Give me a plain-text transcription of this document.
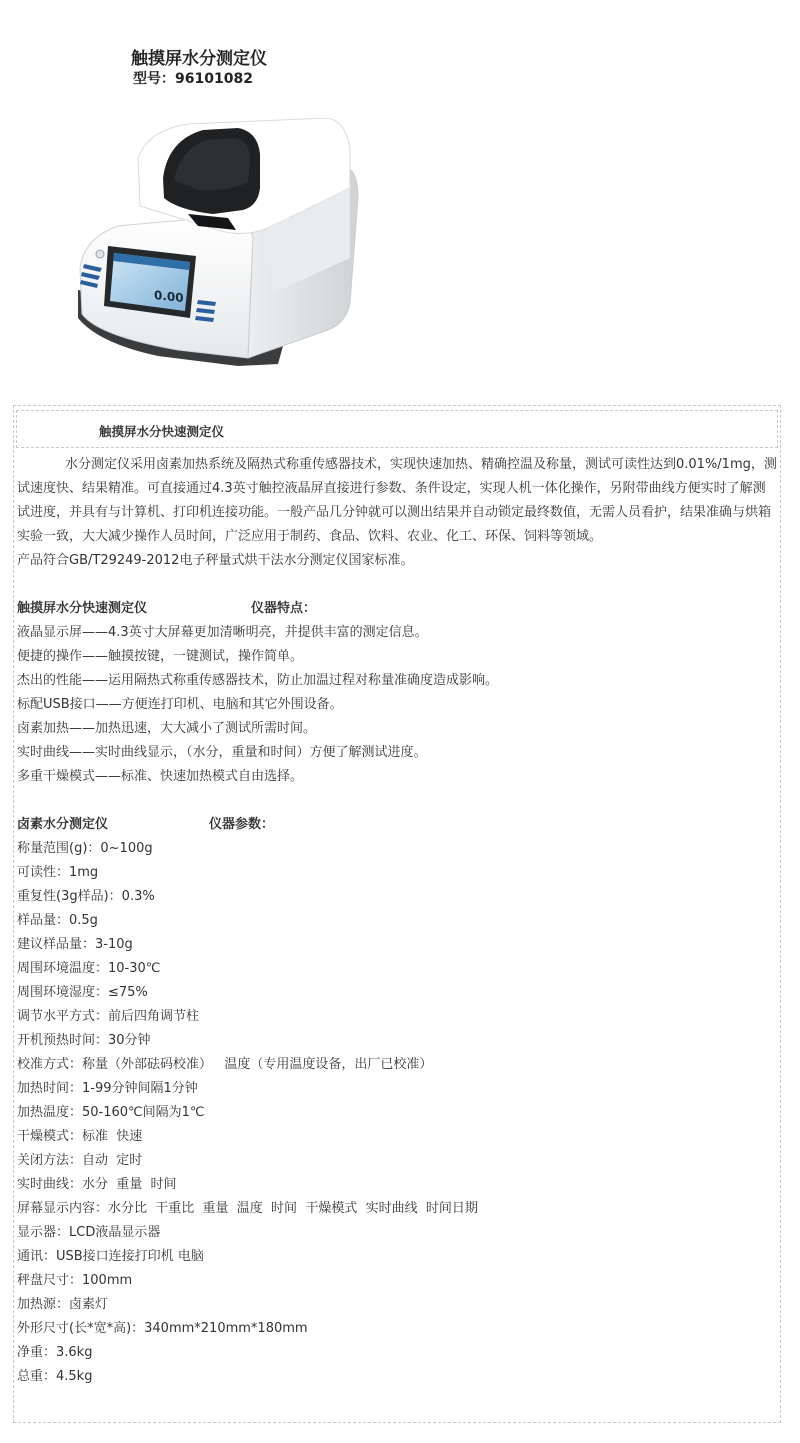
触摸屏水分测定仪
型号：96101082
0.00
触摸屏水分快速测定仪

水分测定仪采用卤素加热系统及隔热式称重传感器技术，实现快速加热、精确控温及称量，测试可读性达到0.01%/1mg，测试速度快、结果精准。可直接通过4.3英寸触控液晶屏直接进行参数、条件设定，实现人机一体化操作，另附带曲线方便实时了解测试进度，并具有与计算机、打印机连接功能。一般产品几分钟就可以测出结果并自动锁定最终数值，无需人员看护，结果准确与烘箱实验一致，大大减少操作人员时间，广泛应用于制药、食品、饮料、农业、化工、环保、饲料等领域。

产品符合GB/T29249-2012电子秤量式烘干法水分测定仪国家标准。

触摸屏水分快速测定仪	仪器特点：

液晶显示屏——4.3英寸大屏幕更加清晰明亮，并提供丰富的测定信息。

便捷的操作——触摸按键，一键测试，操作简单。

杰出的性能——运用隔热式称重传感器技术，防止加温过程对称量准确度造成影响。

标配USB接口——方便连打印机、电脑和其它外围设备。

卤素加热——加热迅速，大大减小了测试所需时间。

实时曲线——实时曲线显示，（水分，重量和时间）方便了解测试进度。

多重干燥模式——标准、快速加热模式自由选择。

卤素水分测定仪	仪器参数：

称量范围(g)：0~100g

可读性：1mg

重复性(3g样品)：0.3%

样品量：0.5g

建议样品量：3-10g

周围环境温度：10-30℃

周围环境湿度：≤75%

调节水平方式：前后四角调节柱

开机预热时间：30分钟

校准方式：称量（外部砝码校准）   温度（专用温度设备，出厂已校准）

加热时间：1-99分钟间隔1分钟

加热温度：50-160℃间隔为1℃

干燥模式：标准  快速

关闭方法：自动  定时

实时曲线：水分  重量  时间

屏幕显示内容：水分比  干重比  重量  温度  时间  干燥模式  实时曲线  时间日期

显示器：LCD液晶显示器

通讯：USB接口连接打印机 电脑

秤盘尺寸：100mm

加热源：卤素灯

外形尺寸(长*宽*高)：340mm*210mm*180mm

净重：3.6kg

总重：4.5kg
